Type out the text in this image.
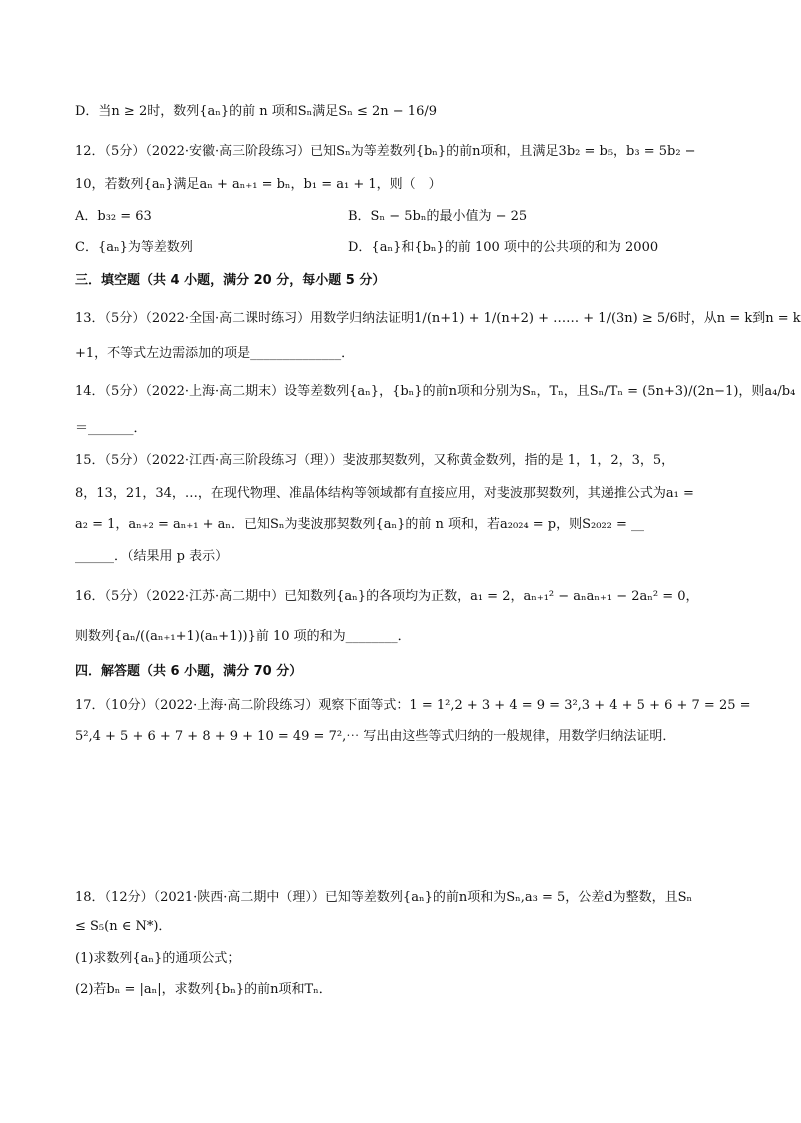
D．当n ≥ 2时，数列{aₙ}的前 n 项和Sₙ满足Sₙ ≤ 2n − 16/9
12．（5分）（2022·安徽·高三阶段练习）已知Sₙ为等差数列{bₙ}的前n项和，且满足3b₂ = b₅，b₃ = 5b₂ −
10，若数列{aₙ}满足aₙ + aₙ₊₁ = bₙ，b₁ = a₁ + 1，则（　）
A．b₃₂ = 63	B．Sₙ − 5bₙ的最小值为 − 25
C．{aₙ}为等差数列	D．{aₙ}和{bₙ}的前 100 项中的公共项的和为 2000
三．填空题（共 4 小题，满分 20 分，每小题 5 分）
13．（5分）（2022·全国·高二课时练习）用数学归纳法证明1/(n+1) + 1/(n+2) + …… + 1/(3n) ≥ 5/6时，从n = k到n = k
+1，不等式左边需添加的项是______________．
14．（5分）（2022·上海·高二期末）设等差数列{aₙ}，{bₙ}的前n项和分别为Sₙ，Tₙ，且Sₙ/Tₙ = (5n+3)/(2n−1)，则a₄/b₄
＝_______．
15．（5分）（2022·江西·高三阶段练习（理））斐波那契数列，又称黄金数列，指的是 1，1，2，3，5，
8，13，21，34，…，在现代物理、准晶体结构等领域都有直接应用，对斐波那契数列，其递推公式为a₁ =
a₂ = 1，aₙ₊₂ = aₙ₊₁ + aₙ．已知Sₙ为斐波那契数列{aₙ}的前 n 项和，若a₂₀₂₄ = p，则S₂₀₂₂ = __
______．（结果用 p 表示）
16．（5分）（2022·江苏·高二期中）已知数列{aₙ}的各项均为正数，a₁ = 2，aₙ₊₁² − aₙaₙ₊₁ − 2aₙ² = 0，
则数列{aₙ/((aₙ₊₁+1)(aₙ+1))}前 10 项的和为________．
四．解答题（共 6 小题，满分 70 分）
17．（10分）（2022·上海·高二阶段练习）观察下面等式：1 = 1²,2 + 3 + 4 = 9 = 3²,3 + 4 + 5 + 6 + 7 = 25 =
5²,4 + 5 + 6 + 7 + 8 + 9 + 10 = 49 = 7²,⋯ 写出由这些等式归纳的一般规律，用数学归纳法证明．
18．（12分）（2021·陕西·高二期中（理））已知等差数列{aₙ}的前n项和为Sₙ,a₃ = 5，公差d为整数，且Sₙ
≤ S₅(n ∈ N*)．
(1)求数列{aₙ}的通项公式；
(2)若bₙ = |aₙ|，求数列{bₙ}的前n项和Tₙ．
